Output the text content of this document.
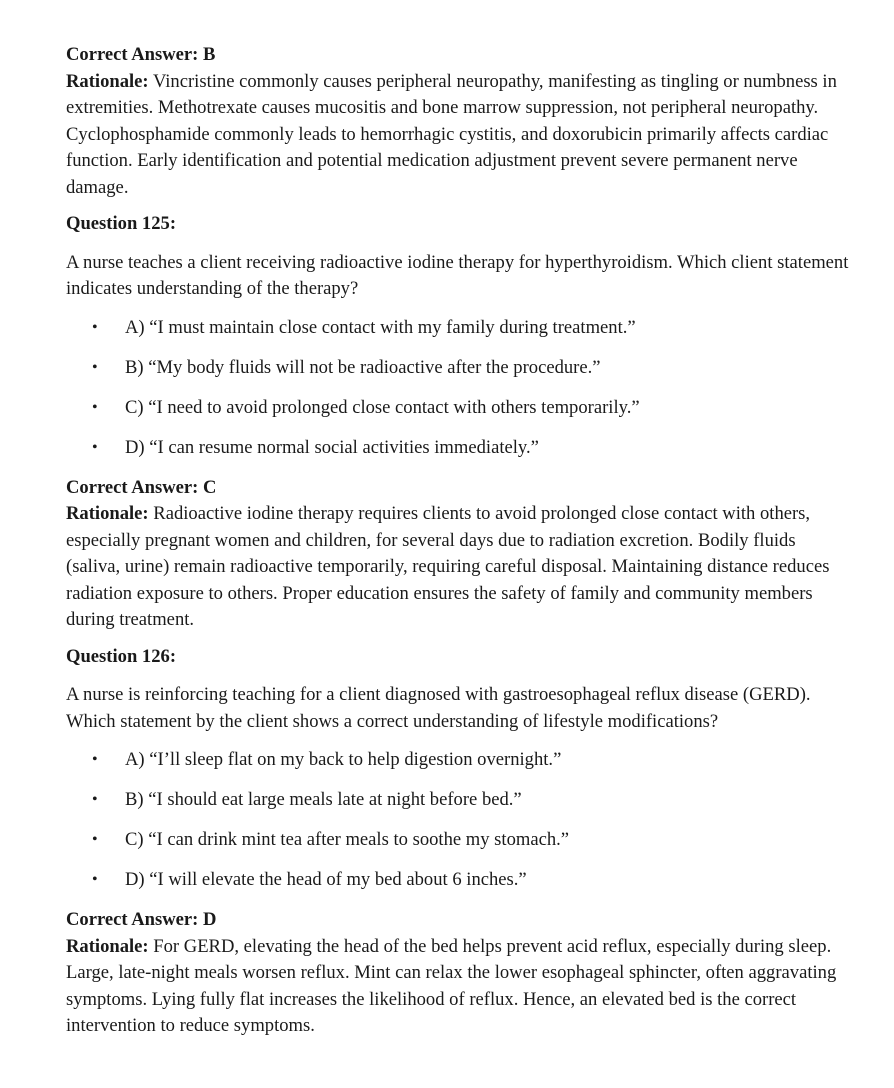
Correct Answer: B

Rationale: Vincristine commonly causes peripheral neuropathy, manifesting as tingling or numbness in extremities. Methotrexate causes mucositis and bone marrow suppression, not peripheral neuropathy. Cyclophosphamide commonly leads to hemorrhagic cystitis, and doxorubicin primarily affects cardiac function. Early identification and potential medication adjustment prevent severe permanent nerve damage.

Question 125:

A nurse teaches a client receiving radioactive iodine therapy for hyperthyroidism. Which client statement indicates understanding of the therapy?

• A) “I must maintain close contact with my family during treatment.”
• B) “My body fluids will not be radioactive after the procedure.”
• C) “I need to avoid prolonged close contact with others temporarily.”
• D) “I can resume normal social activities immediately.”

Correct Answer: C

Rationale: Radioactive iodine therapy requires clients to avoid prolonged close contact with others, especially pregnant women and children, for several days due to radiation excretion. Bodily fluids (saliva, urine) remain radioactive temporarily, requiring careful disposal. Maintaining distance reduces radiation exposure to others. Proper education ensures the safety of family and community members during treatment.

Question 126:

A nurse is reinforcing teaching for a client diagnosed with gastroesophageal reflux disease (GERD). Which statement by the client shows a correct understanding of lifestyle modifications?

• A) “I’ll sleep flat on my back to help digestion overnight.”
• B) “I should eat large meals late at night before bed.”
• C) “I can drink mint tea after meals to soothe my stomach.”
• D) “I will elevate the head of my bed about 6 inches.”

Correct Answer: D

Rationale: For GERD, elevating the head of the bed helps prevent acid reflux, especially during sleep. Large, late-night meals worsen reflux. Mint can relax the lower esophageal sphincter, often aggravating symptoms. Lying fully flat increases the likelihood of reflux. Hence, an elevated bed is the correct intervention to reduce symptoms.
